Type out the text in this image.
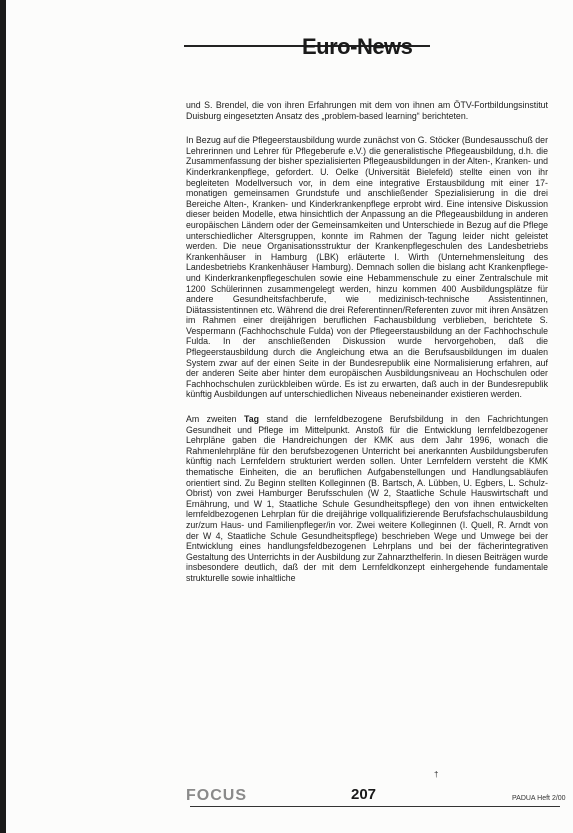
Euro-News

und S. Brendel, die von ihren Erfahrungen mit dem von ihnen am ÖTV-Fortbildungsinstitut Duisburg eingesetzten Ansatz des „problem-based learning“ berichteten.

In Bezug auf die Pflegeerstausbildung wurde zunächst von G. Stöcker (Bundesausschuß der Lehrerinnen und Lehrer für Pflegeberufe e.V.) die generalistische Pflegeausbildung, d.h. die Zusammenfassung der bisher spezialisierten Pflegeausbildungen in der Alten-, Kranken- und Kinderkrankenpflege, gefordert. U. Oelke (Universität Bielefeld) stellte einen von ihr begleiteten Modellversuch vor, in dem eine integrative Erstausbildung mit einer 17-monatigen gemeinsamen Grundstufe und anschließender Spezialisierung in die drei Bereiche Alten-, Kranken- und Kinderkrankenpflege erprobt wird. Eine intensive Diskussion dieser beiden Modelle, etwa hinsichtlich der Anpassung an die Pflegeausbildung in anderen europäischen Ländern oder der Gemeinsamkeiten und Unterschiede in Bezug auf die Pflege unterschiedlicher Altersgruppen, konnte im Rahmen der Tagung leider nicht geleistet werden. Die neue Organisationsstruktur der Krankenpflegeschulen des Landesbetriebs Krankenhäuser in Hamburg (LBK) erläuterte I. Wirth (Unternehmensleitung des Landesbetriebs Krankenhäuser Hamburg). Demnach sollen die bislang acht Krankenpflege- und Kinderkrankenpflegeschulen sowie eine Hebammenschule zu einer Zentralschule mit 1200 Schülerinnen zusammengelegt werden, hinzu kommen 400 Ausbildungsplätze für andere Gesundheitsfachberufe, wie medizinisch-technische Assistentinnen, Diätassistentinnen etc. Während die drei Referentinnen/Referenten zuvor mit ihren Ansätzen im Rahmen einer dreijährigen beruflichen Fachausbildung verblieben, berichtete S. Vespermann (Fachhochschule Fulda) von der Pflegeerstausbildung an der Fachhochschule Fulda. In der anschließenden Diskussion wurde hervorgehoben, daß die Pflegeerstausbildung durch die Angleichung etwa an die Berufsausbildungen im dualen System zwar auf der einen Seite in der Bundesrepublik eine Normalisierung erfahren, auf der anderen Seite aber hinter dem europäischen Ausbildungsniveau an Hochschulen oder Fachhochschulen zurückbleiben würde. Es ist zu erwarten, daß auch in der Bundesrepublik künftig Ausbildungen auf unterschiedlichen Niveaus nebeneinander existieren werden.

Am zweiten Tag stand die lernfeldbezogene Berufsbildung in den Fachrichtungen Gesundheit und Pflege im Mittelpunkt. Anstoß für die Entwicklung lernfeldbezogener Lehrpläne gaben die Handreichungen der KMK aus dem Jahr 1996, wonach die Rahmenlehrpläne für den berufsbezogenen Unterricht bei anerkannten Ausbildungsberufen künftig nach Lernfeldern strukturiert werden sollen. Unter Lernfeldern versteht die KMK thematische Einheiten, die an beruflichen Aufgabenstellungen und Handlungsabläufen orientiert sind. Zu Beginn stellten Kolleginnen (B. Bartsch, A. Lübben, U. Egbers, L. Schulz-Obrist) von zwei Hamburger Berufsschulen (W 2, Staatliche Schule Hauswirtschaft und Ernährung, und W 1, Staatliche Schule Gesundheitspflege) den von ihnen entwickelten lernfeldbezogenen Lehrplan für die dreijährige vollqualifizierende Berufsfachschulausbildung zur/zum Haus- und Familienpfleger/in vor. Zwei weitere Kolleginnen (I. Quell, R. Arndt von der W 4, Staatliche Schule Gesundheitspflege) beschrieben Wege und Umwege bei der Entwicklung eines handlungsfeldbezogenen Lehrplans und bei der fächerintegrativen Gestaltung des Unterrichts in der Ausbildung zur Zahnarzthelferin. In diesen Beiträgen wurde insbesondere deutlich, daß der mit dem Lernfeldkonzept einhergehende fundamentale strukturelle sowie inhaltliche

†
FOCUS	207	PADUA Heft 2/00
